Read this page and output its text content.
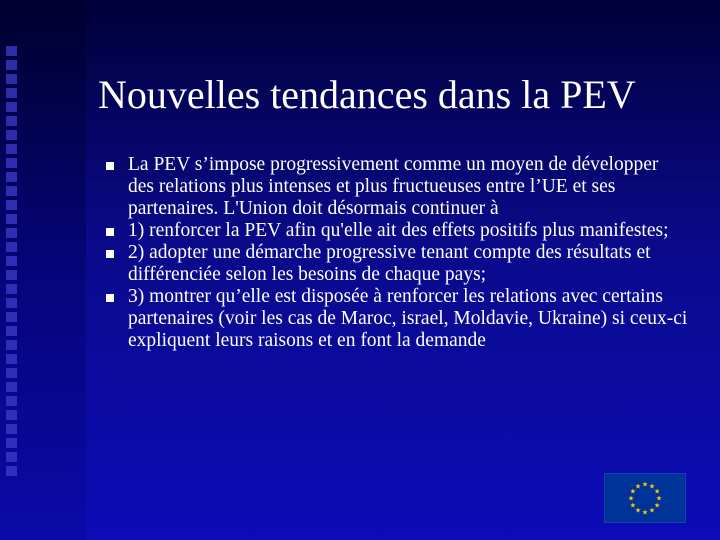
Nouvelles tendances dans la PEV
La PEV s’impose progressivement comme un moyen de développer des relations plus intenses et plus fructueuses entre l’UE et ses partenaires. L'Union doit désormais continuer à
1) renforcer la PEV afin qu'elle ait des effets positifs plus manifestes;
2) adopter une démarche progressive tenant compte des résultats et différenciée selon les besoins de chaque pays;
3) montrer qu’elle est disposée à renforcer les relations avec certains partenaires (voir les cas de Maroc, israel, Moldavie, Ukraine) si ceux-ci expliquent leurs raisons et en font la demande
★ ★
★
★
★
★
★
★
★
★
★
★
